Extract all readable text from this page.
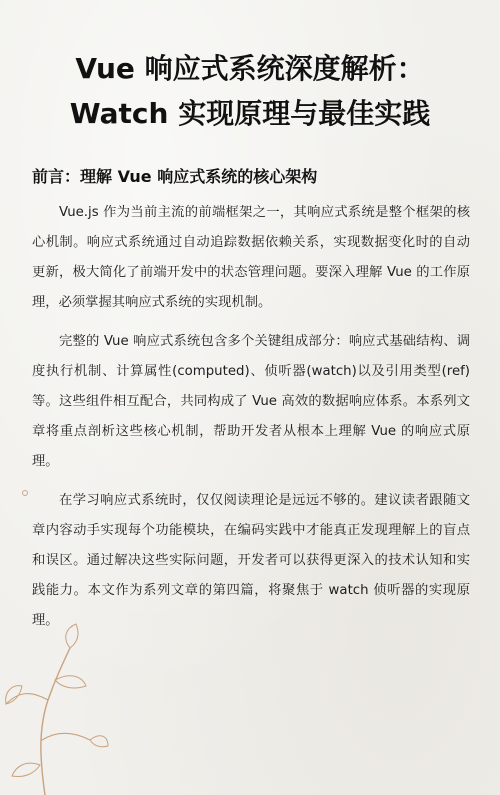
Vue 响应式系统深度解析：
Watch 实现原理与最佳实践
前言：理解 Vue 响应式系统的核心架构

Vue.js 作为当前主流的前端框架之一，其响应式系统是整个框架的核心机制。响应式系统通过自动追踪数据依赖关系，实现数据变化时的自动更新，极大简化了前端开发中的状态管理问题。要深入理解 Vue 的工作原理，必须掌握其响应式系统的实现机制。

完整的 Vue 响应式系统包含多个关键组成部分：响应式基础结构、调度执行机制、计算属性(computed)、侦听器(watch)以及引用类型(ref)等。这些组件相互配合，共同构成了 Vue 高效的数据响应体系。本系列文章将重点剖析这些核心机制，帮助开发者从根本上理解 Vue 的响应式原理。

在学习响应式系统时，仅仅阅读理论是远远不够的。建议读者跟随文章内容动手实现每个功能模块，在编码实践中才能真正发现理解上的盲点和误区。通过解决这些实际问题，开发者可以获得更深入的技术认知和实践能力。本文作为系列文章的第四篇，将聚焦于 watch 侦听器的实现原理。
